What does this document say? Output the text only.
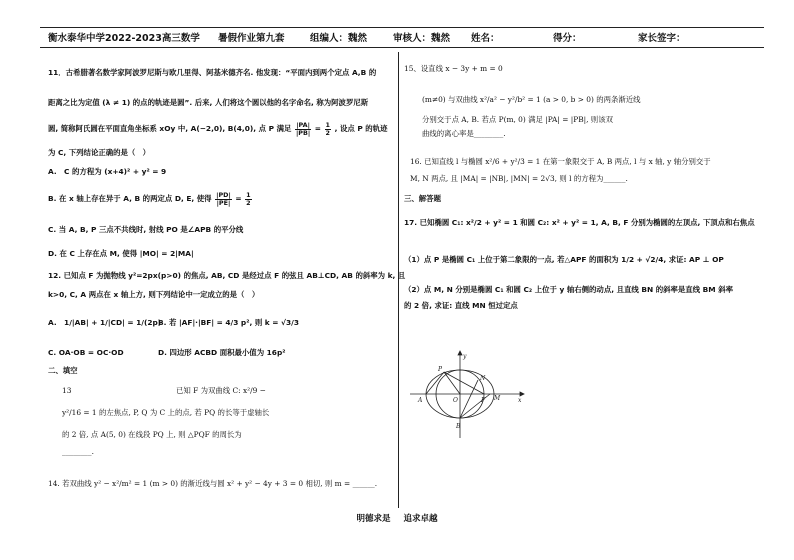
衡水泰华中学2022-2023高三数学 暑假作业第九套	组编人：魏然	审核人：魏然 姓名：	得分：	家长签字：
11．古希腊著名数学家阿波罗尼斯与欧几里得、阿基米德齐名. 他发现：“平面内到两个定点 A,B 的
距离之比为定值 (λ ≠ 1) 的点的轨迹是圆”. 后来, 人们将这个圆以他的名字命名, 称为阿波罗尼斯
圆, 简称阿氏圆在平面直角坐标系 xOy 中, A(−2,0), B(4,0), 点 P 满足 $\frac{|PA|}{|PB|} = \frac{1}{2}$ , 设点 P 的轨迹
为 C, 下列结论正确的是（　）
A.　C 的方程为 (x+4)² + y² = 9
B. 在 x 轴上存在异于 A, B 的两定点 D, E, 使得 $\frac{|PD|}{|PE|} = \frac{1}{2}$
C. 当 A, B, P 三点不共线时, 射线 PO 是∠APB 的平分线
D. 在 C 上存在点 M, 使得 |MO| = 2|MA|
12. 已知点 F 为抛物线 y²=2px(p>0) 的焦点, AB, CD 是经过点 F 的弦且 AB⊥CD, AB 的斜率为 k, 且
k>0, C, A 两点在 x 轴上方, 则下列结论中一定成立的是（　）
A.　1/|AB| + 1/|CD| = 1/(2p)
B. 若 |AF|·|BF| = 4/3 p², 则 k = √3/3
C. OA·OB = OC·OD	D. 四边形 ACBD 面积最小值为 16p²
二、填空
13	已知 F 为双曲线 C: x²/9 −
y²/16 = 1 的左焦点, P, Q 为 C 上的点, 若 PQ 的长等于虚轴长
的 2 倍, 点 A(5, 0) 在线段 PQ 上, 则 △PQF 的周长为
________.
14. 若双曲线 y² − x²/m² = 1 (m > 0) 的渐近线与圆 x² + y² − 4y + 3 = 0 相切, 则 m = ______.
15、设直线 x − 3y + m = 0
(m≠0) 与双曲线 x²/a² − y²/b² = 1 (a > 0, b > 0) 的两条渐近线
分别交于点 A, B. 若点 P(m, 0) 满足 |PA| = |PB|, 则该双
曲线的离心率是________.
16. 已知直线 l 与椭圆 x²/6 + y²/3 = 1 在第一象限交于 A, B 两点, l 与 x 轴, y 轴分别交于
M, N 两点, 且 |MA| = |NB|, |MN| = 2√3, 则 l 的方程为______.
三、解答题
17. 已知椭圆 C₁: x²/2 + y² = 1 和圆 C₂: x² + y² = 1, A, B, F 分别为椭圆的左顶点, 下顶点和右焦点
（1）点 P 是椭圆 C₁ 上位于第二象限的一点, 若△APF 的面积为 1/2 + √2/4, 求证: AP ⊥ OP
（2）点 M, N 分别是椭圆 C₁ 和圆 C₂ 上位于 y 轴右侧的动点, 且直线 BN 的斜率是直线 BM 斜率
的 2 倍, 求证: 直线 MN 恒过定点
y
x
A	O	F M
N
B
P
明德求是 追求卓越
